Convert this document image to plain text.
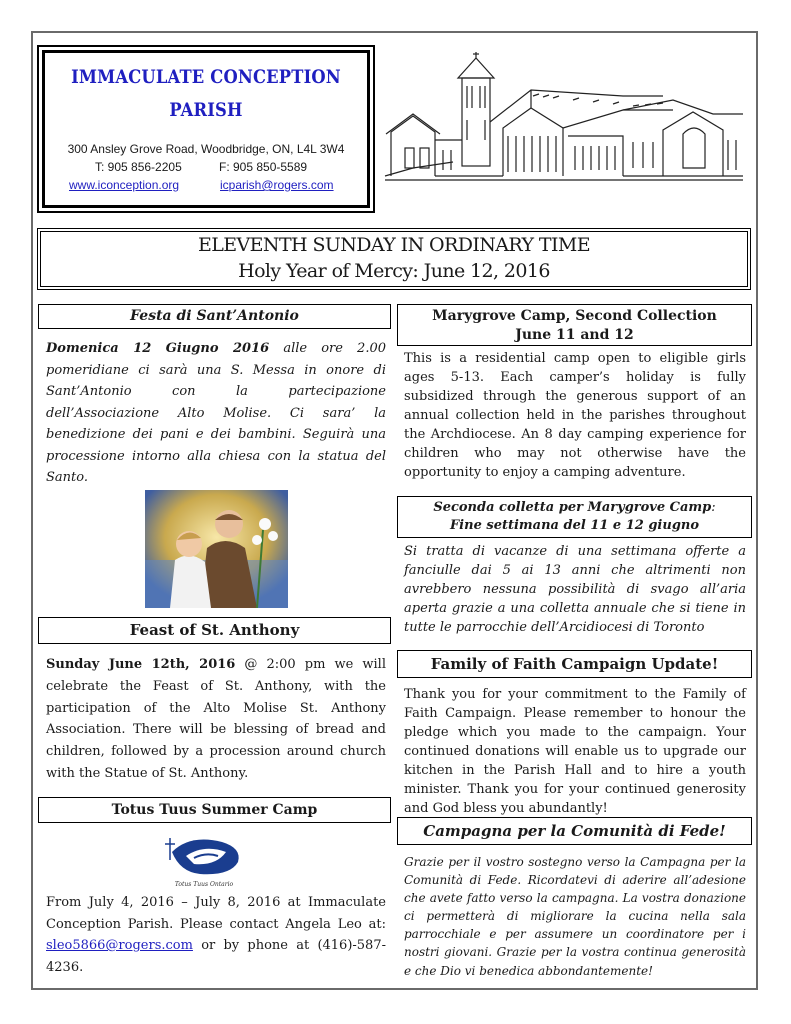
IMMACULATE CONCEPTION
PARISH
300 Ansley Grove Road, Woodbridge, ON, L4L 3W4
T: 905 856-2205	F: 905 850-5589
www.iconception.org	icparish@rogers.com
ELEVENTH SUNDAY IN ORDINARY TIME
Holy Year of Mercy: June 12, 2016
Festa di Sant’Antonio
Domenica 12 Giugno 2016 alle ore 2.00 pomeridiane ci sarà una S. Messa in onore di Sant’Antonio con la partecipazione dell’Associazione Alto Molise. Ci sara’ la benedizione dei pani e dei bambini. Seguirà una processione intorno alla chiesa con la statua del Santo.
Feast of St. Anthony
Sunday June 12th, 2016 @ 2:00 pm we will celebrate the Feast of St. Anthony, with the participation of the Alto Molise St. Anthony Association. There will be blessing of bread and children, followed by a procession around church with the Statue of St. Anthony.
Totus Tuus Summer Camp
Totus Tuus Ontario
From July 4, 2016 – July 8, 2016 at Immaculate Conception Parish. Please contact Angela Leo at: sleo5866@rogers.com or by phone at (416)-587-4236.
Marygrove Camp, Second Collection
June 11 and 12
This is a residential camp open to eligible girls ages 5-13. Each camper’s holiday is fully subsidized through the generous support of an annual collection held in the parishes throughout the Archdiocese. An 8 day camping experience for children who may not otherwise have the opportunity to enjoy a camping adventure.
Seconda colletta per Marygrove Camp:
Fine settimana del 11 e 12 giugno
Si tratta di vacanze di una settimana offerte a fanciulle dai 5 ai 13 anni che altrimenti non avrebbero nessuna possibilità di svago all’aria aperta grazie a una colletta annuale che si tiene in tutte le parrocchie dell’Arcidiocesi di Toronto
Family of Faith Campaign Update!
Thank you for your commitment to the Family of Faith Campaign. Please remember to honour the pledge which you made to the campaign. Your continued donations will enable us to upgrade our kitchen in the Parish Hall and to hire a youth minister. Thank you for your continued generosity and God bless you abundantly!
Campagna per la Comunità di Fede!
Grazie per il vostro sostegno verso la Campagna per la Comunità di Fede. Ricordatevi di aderire all’adesione che avete fatto verso la campagna. La vostra donazione ci permetterà di migliorare la cucina nella sala parrocchiale e per assumere un coordinatore per i nostri giovani. Grazie per la vostra continua generosità e che Dio vi benedica abbondantemente!
